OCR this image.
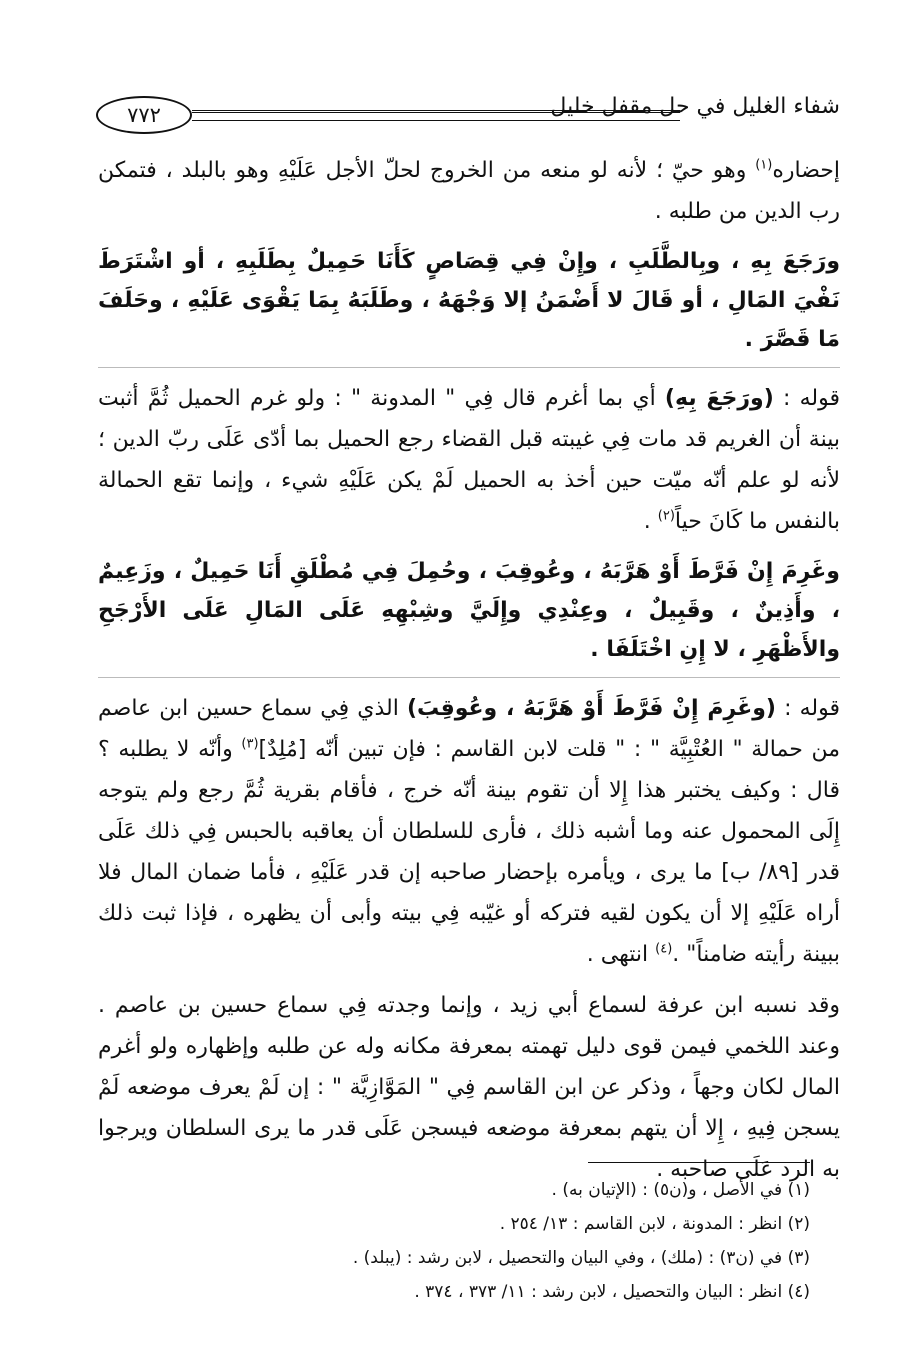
٧٧٢	شفاء الغليل في حل مقفل خليل

إحضاره$^{(١)}$ وهو حيّ ؛ لأنه لو منعه من الخروج لحلّ الأجل عَلَيْهِ وهو بالبلد ، فتمكن رب الدين من طلبه .

ورَجَعَ بِهِ ، وبِالطَّلَبِ ، وإِنْ فِي قِصَاصٍ كَأَنَا حَمِيلٌ بِطَلَبِهِ ، أو اشْتَرَطَ نَفْيَ المَالِ ، أو قَالَ لا أَضْمَنُ إلا وَجْهَهُ ، وطَلَبَهُ بِمَا يَقْوَى عَلَيْهِ ، وحَلَفَ مَا قَصَّرَ .

قوله : (ورَجَعَ بِهِ) أي بما أغرم قال فِي " المدونة " : ولو غرم الحميل ثُمَّ أثبت بينة أن الغريم قد مات فِي غيبته قبل القضاء رجع الحميل بما أدّى عَلَى ربّ الدين ؛ لأنه لو علم أنّه ميّت حين أخذ به الحميل لَمْ يكن عَلَيْهِ شيء ، وإنما تقع الحمالة بالنفس ما كَانَ حياً$^{(٢)}$ .

وغَرِمَ إِنْ فَرَّطَ أَوْ هَرَّبَهُ ، وعُوقِبَ ، وحُمِلَ فِي مُطْلَقِ أَنَا حَمِيلٌ ، وزَعِيمٌ ، وأَذِينٌ ، وقَبِيلٌ ، وعِنْدِي وإِلَيَّ وشِبْهِهِ عَلَى المَالِ عَلَى الأَرْجَحِ والأَظْهَرِ ، لا إِنِ اخْتَلَفَا .

قوله : (وغَرِمَ إِنْ فَرَّطَ أَوْ هَرَّبَهُ ، وعُوقِبَ) الذي فِي سماع حسين ابن عاصم من حمالة " العُتْبِيَّة " : " قلت لابن القاسم : فإن تبين أنّه [مُلِدٌ]$^{(٣)}$ وأنّه لا يطلبه ؟ قال : وكيف يختبر هذا إِلا أن تقوم بينة أنّه خرج ، فأقام بقرية ثُمَّ رجع ولم يتوجه إِلَى المحمول عنه وما أشبه ذلك ، فأرى للسلطان أن يعاقبه بالحبس فِي ذلك عَلَى قدر [٨٩/ ب] ما يرى ، ويأمره بإحضار صاحبه إن قدر عَلَيْهِ ، فأما ضمان المال فلا أراه عَلَيْهِ إلا أن يكون لقيه فتركه أو غيّبه فِي بيته وأبى أن يظهره ، فإذا ثبت ذلك ببينة رأيته ضامناً" .$^{(٤)}$ انتهى .

وقد نسبه ابن عرفة لسماع أبي زيد ، وإنما وجدته فِي سماع حسين بن عاصم . وعند اللخمي فيمن قوى دليل تهمته بمعرفة مكانه وله عن طلبه وإظهاره ولو أغرم المال لكان وجهاً ، وذكر عن ابن القاسم فِي " المَوَّازِيَّة " : إن لَمْ يعرف موضعه لَمْ يسجن فِيهِ ، إِلا أن يتهم بمعرفة موضعه فيسجن عَلَى قدر ما يرى السلطان ويرجوا به الرد عَلَى صاحبه .

(١) في الأصل ، و(ن٥) : (الإتيان به) .

(٢) انظر : المدونة ، لابن القاسم : ١٣/ ٢٥٤ .

(٣) في (ن٣) : (ملك) ، وفي البيان والتحصيل ، لابن رشد : (يبلد) .

(٤) انظر : البيان والتحصيل ، لابن رشد : ١١/ ٣٧٣ ، ٣٧٤ .
